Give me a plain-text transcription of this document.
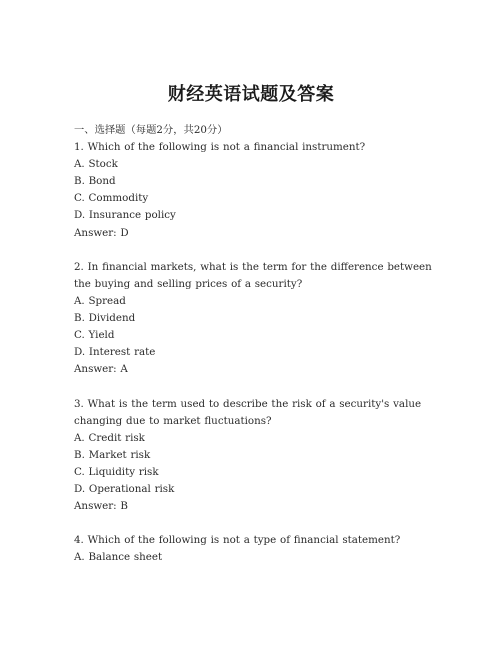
财经英语试题及答案
一、选择题（每题2分，共20分）
1. Which of the following is not a financial instrument?
A. Stock
B. Bond
C. Commodity
D. Insurance policy
Answer: D
2. In financial markets, what is the term for the difference between the buying and selling prices of a security?
A. Spread
B. Dividend
C. Yield
D. Interest rate
Answer: A
3. What is the term used to describe the risk of a security's value changing due to market fluctuations?
A. Credit risk
B. Market risk
C. Liquidity risk
D. Operational risk
Answer: B
4. Which of the following is not a type of financial statement?
A. Balance sheet
